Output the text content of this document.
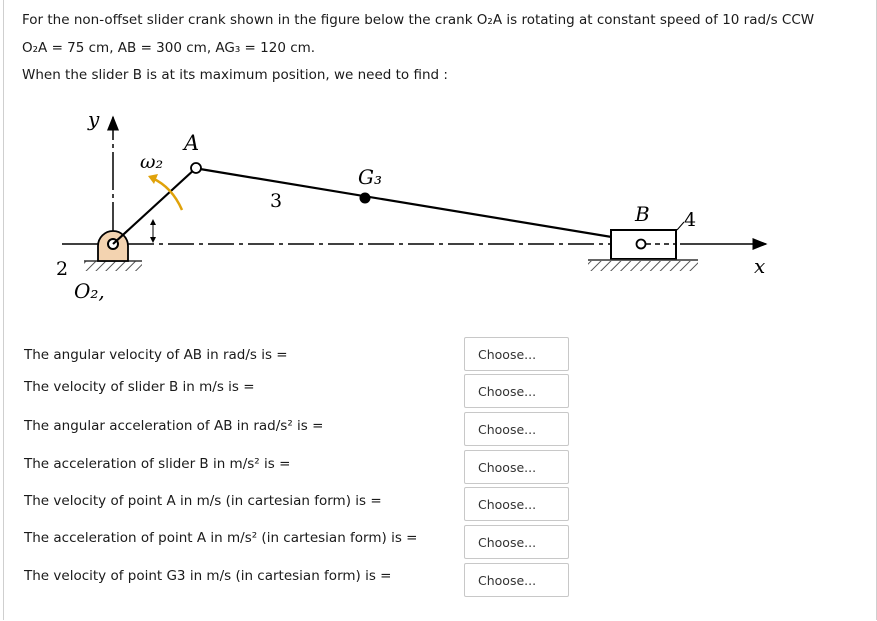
For the non-offset slider crank shown in the figure below the crank O₂A is rotating at constant speed of 10 rad/s CCW
O₂A = 75 cm, AB = 300 cm, AG₃ = 120 cm.
When the slider B is at its maximum position, we need to find :
y
x
2
O₂,
A
ω₂
G₃
3
B 4
The angular velocity of AB in rad/s is =	Choose...
The velocity of slider B in m/s is =	Choose...
The angular acceleration of AB in rad/s² is =	Choose...
The acceleration of slider B in m/s² is =	Choose...
The velocity of point A in m/s (in cartesian form) is =	Choose...
The acceleration of point A in m/s² (in cartesian form) is =	Choose...
The velocity of point G3 in m/s (in cartesian form) is =	Choose...
